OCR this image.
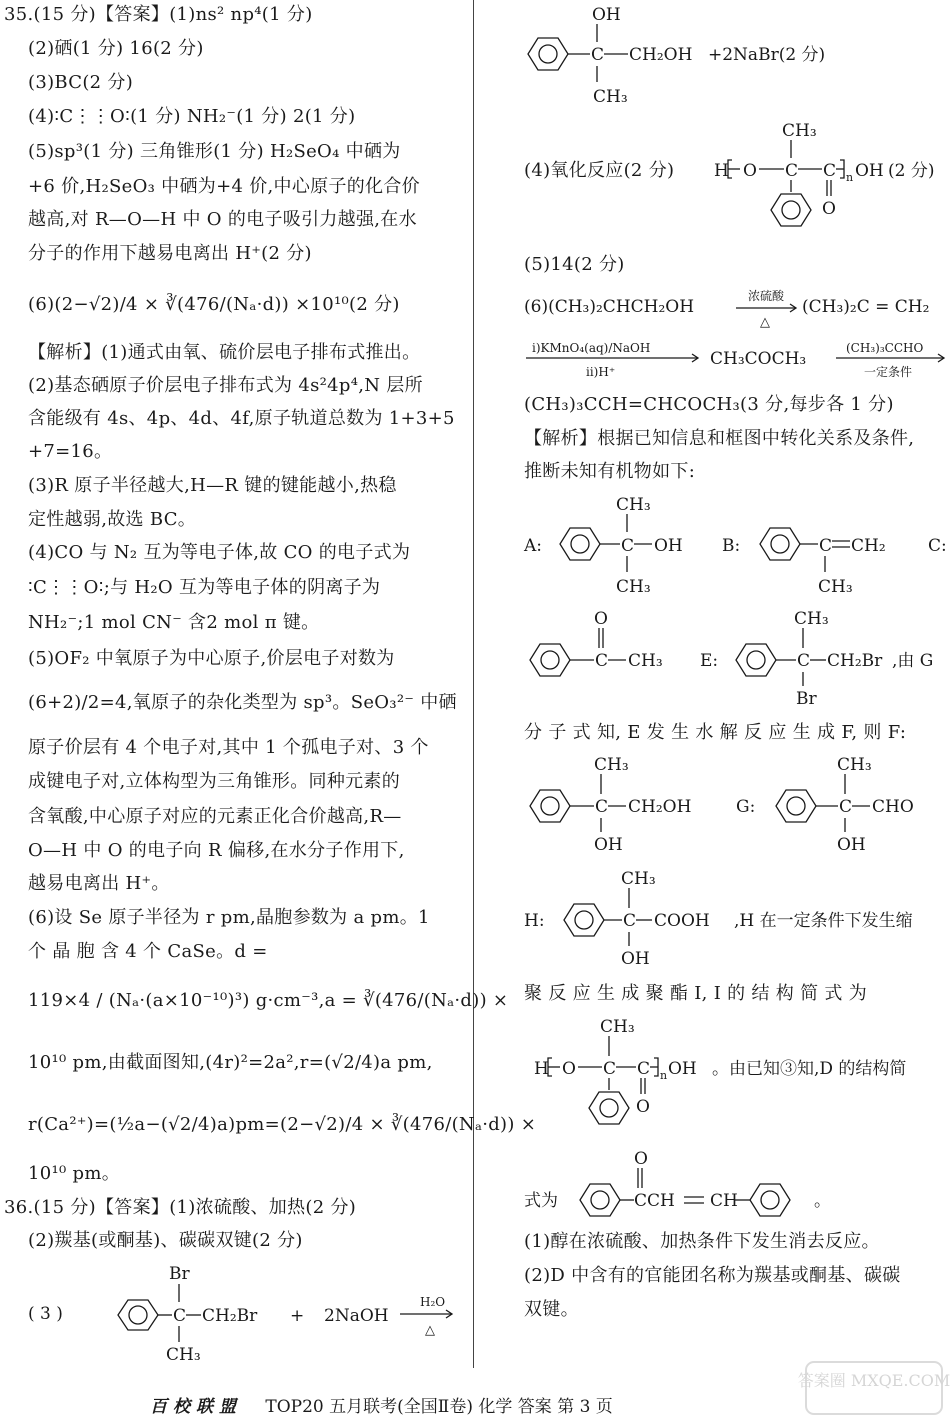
35.(15 分)【答案】(1)ns² np⁴(1 分)
(2)硒(1 分) 16(2 分)
(3)BC(2 分)
(4)∶C⋮⋮O∶(1 分) NH₂⁻(1 分) 2(1 分)
(5)sp³(1 分) 三角锥形(1 分) H₂SeO₄ 中硒为
+6 价,H₂SeO₃ 中硒为+4 价,中心原子的化合价
越高,对 R—O—H 中 O 的电子吸引力越强,在水
分子的作用下越易电离出 H⁺(2 分)
(6)(2−√2)/4 × ∛(476/(Nₐ·d)) ×10¹⁰(2 分)
【解析】(1)通式由氧、硫价层电子排布式推出。
(2)基态硒原子价层电子排布式为 4s²4p⁴,N 层所
含能级有 4s、4p、4d、4f,原子轨道总数为 1+3+5
+7=16。
(3)R 原子半径越大,H—R 键的键能越小,热稳
定性越弱,故选 BC。
(4)CO 与 N₂ 互为等电子体,故 CO 的电子式为
∶C⋮⋮O∶;与 H₂O 互为等电子体的阴离子为
NH₂⁻;1 mol CN⁻ 含2 mol π 键。
(5)OF₂ 中氧原子为中心原子,价层电子对数为
(6+2)/2=4,氧原子的杂化类型为 sp³。SeO₃²⁻ 中硒
原子价层有 4 个电子对,其中 1 个孤电子对、3 个
成键电子对,立体构型为三角锥形。同种元素的
含氧酸,中心原子对应的元素正化合价越高,R—
O—H 中 O 的电子向 R 偏移,在水分子作用下,
越易电离出 H⁺。
(6)设 Se 原子半径为 r pm,晶胞参数为 a pm。1
个 晶 胞 含 4 个 CaSe。d =
119×4 / (Nₐ·(a×10⁻¹⁰)³) g·cm⁻³,a = ∛(476/(Nₐ·d)) ×
10¹⁰ pm,由截面图知,(4r)²=2a²,r=(√2/4)a pm,
r(Ca²⁺)=(½a−(√2/4)a)pm=(2−√2)/4 × ∛(476/(Nₐ·d)) ×
10¹⁰ pm。
36.(15 分)【答案】(1)浓硫酸、加热(2 分)
(2)羰基(或酮基)、碳碳双键(2 分)
( 3 )	C
Br
CH₃
CH₂Br + 2NaOH
H₂O
△
C
OH
CH₃
CH₂OH +2NaBr(2 分)
(4)氧化反应(2 分) H O C
CH₃
C
O
n OH (2 分)
(5)14(2 分)
(6)(CH₃)₂CHCH₂OH
浓硫酸
△
(CH₃)₂C = CH₂
ⅰ)KMnO₄(aq)/NaOH
ⅱ)H⁺
CH₃COCH₃
(CH₃)₃CCHO
一定条件
(CH₃)₃CCH=CHCOCH₃(3 分,每步各 1 分)
【解析】根据已知信息和框图中转化关系及条件,
推断未知有机物如下:
A:	C
CH₃
CH₃
OH B:	C CH₂
CH₃
C:
C
O
CH₃ E:	C
CH₃
Br
CH₂Br ,由 G
分 子 式 知, E 发 生 水 解 反 应 生 成 F, 则 F:
C
CH₃
OH
CH₂OH	G:	C
CH₃
OH
CHO
H:	C
CH₃
OH
COOH ,H 在一定条件下发生缩
聚 反 应 生 成 聚 酯 I, I 的 结 构 简 式 为
H O C
CH₃
C
O
n OH 。由已知③知,D 的结构简
式为	CCH
O
CH	。
(1)醇在浓硫酸、加热条件下发生消去反应。
(2)D 中含有的官能团名称为羰基或酮基、碳碳
双键。
百校联盟 TOP20 五月联考(全国Ⅱ卷) 化学 答案 第 3 页
答案圈 MXQE.COM
